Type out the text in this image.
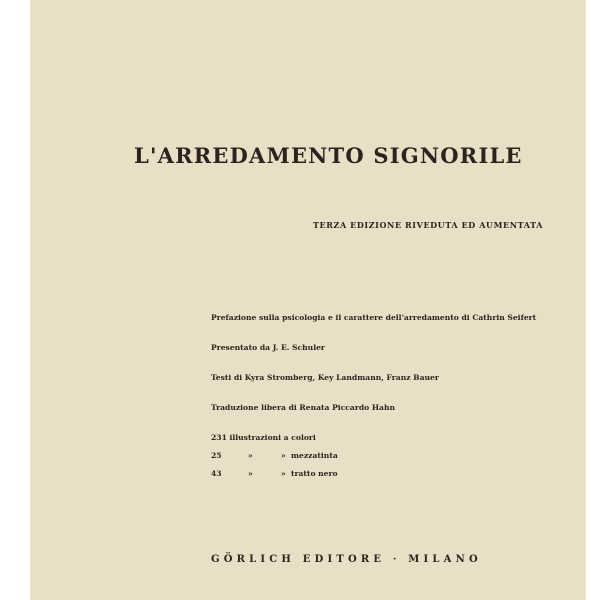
L'ARREDAMENTO SIGNORILE
TERZA EDIZIONE RIVEDUTA ED AUMENTATA
Prefazione sulla psicologia e il carattere dell'arredamento di Cathrin Seifert
Presentato da J. E. Schuler
Testi di Kyra Stromberg, Key Landmann, Franz Bauer
Traduzione libera di Renata Piccardo Hahn
231 illustrazioni a colori
25	»	» mezzatinta
43	»	» tratto nero
GÖRLICH EDITORE · MILANO
